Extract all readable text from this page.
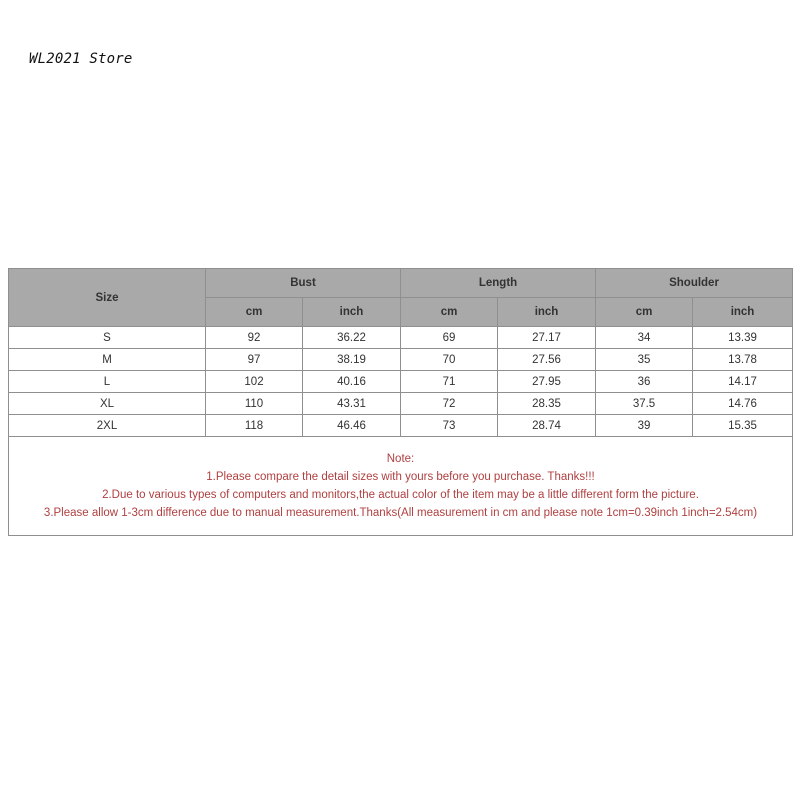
WL2021 Store
Size	Bust		Length		Shoulder	
	cm	inch	cm	inch	cm	inch
S	92	36.22	69	27.17	34	13.39
M	97	38.19	70	27.56	35	13.78
L	102	40.16	71	27.95	36	14.17
XL	110	43.31	72	28.35	37.5	14.76
2XL	118	46.46	73	28.74	39	15.35

Note:
1.Please compare the detail sizes with yours before you purchase. Thanks!!!
2.Due to various types of computers and monitors,the actual color of the item may be a little different form the picture.
3.Please allow 1-3cm difference due to manual measurement.Thanks(All measurement in cm and please note 1cm=0.39inch 1inch=2.54cm)						
